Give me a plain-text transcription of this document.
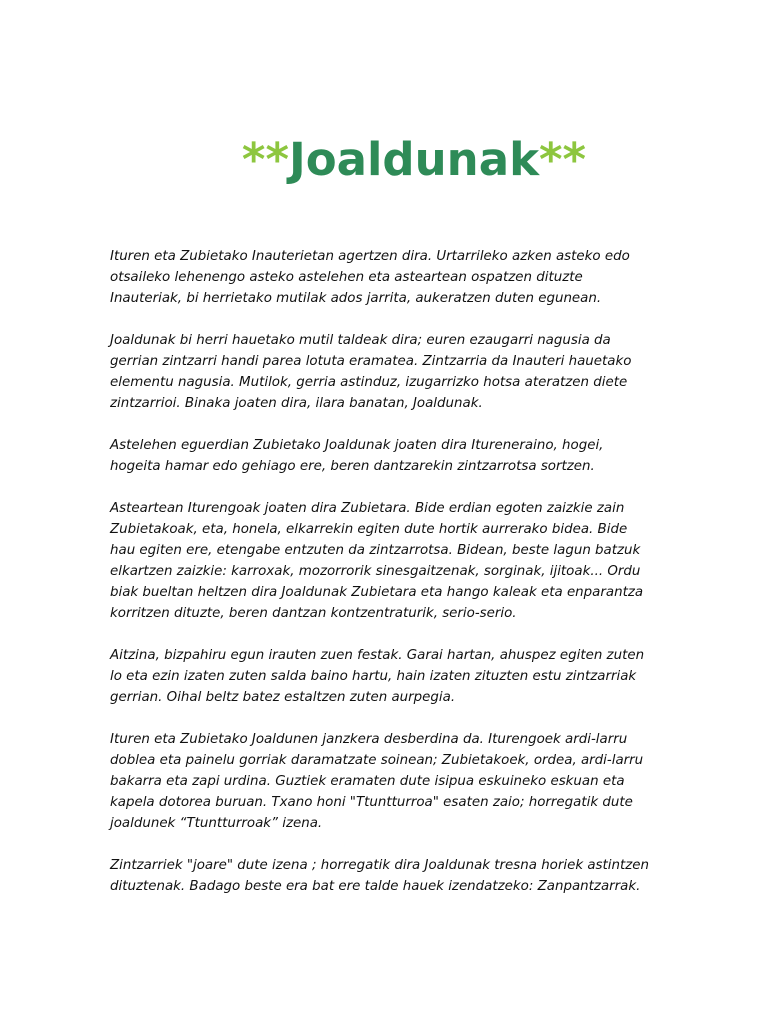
**Joaldunak**

Ituren eta Zubietako Inauterietan agertzen dira. Urtarrileko azken asteko edo otsaileko lehenengo asteko astelehen eta asteartean ospatzen dituzte Inauteriak, bi herrietako mutilak ados jarrita, aukeratzen duten egunean.

Joaldunak bi herri hauetako mutil taldeak dira; euren ezaugarri nagusia da gerrian zintzarri handi parea lotuta eramatea. Zintzarria da Inauteri hauetako elementu nagusia. Mutilok, gerria astinduz, izugarrizko hotsa ateratzen diete zintzarrioi. Binaka joaten dira, ilara banatan, Joaldunak.

Astelehen eguerdian Zubietako Joaldunak joaten dira Itureneraino, hogei, hogeita hamar edo gehiago ere, beren dantzarekin zintzarrotsa sortzen.

Asteartean Iturengoak joaten dira Zubietara. Bide erdian egoten zaizkie zain Zubietakoak, eta, honela, elkarrekin egiten dute hortik aurrerako bidea. Bide hau egiten ere, etengabe entzuten da zintzarrotsa. Bidean, beste lagun batzuk elkartzen zaizkie: karroxak, mozorrorik sinesgaitzenak, sorginak, ijitoak... Ordu biak bueltan heltzen dira Joaldunak Zubietara eta hango kaleak eta enparantza korritzen dituzte, beren dantzan kontzentraturik, serio-serio.

Aitzina, bizpahiru egun irauten zuen festak. Garai hartan, ahuspez egiten zuten lo eta ezin izaten zuten salda baino hartu, hain izaten zituzten estu zintzarriak gerrian. Oihal beltz batez estaltzen zuten aurpegia.

Ituren eta Zubietako Joaldunen janzkera desberdina da. Iturengoek ardi-larru doblea eta painelu gorriak daramatzate soinean; Zubietakoek, ordea, ardi-larru bakarra eta zapi urdina. Guztiek eramaten dute isipua eskuineko eskuan eta kapela dotorea buruan. Txano honi "Ttuntturroa" esaten zaio; horregatik dute joaldunek “Ttuntturroak” izena.

Zintzarriek "joare" dute izena ; horregatik dira Joaldunak tresna horiek astintzen dituztenak. Badago beste era bat ere talde hauek izendatzeko: Zanpantzarrak.
